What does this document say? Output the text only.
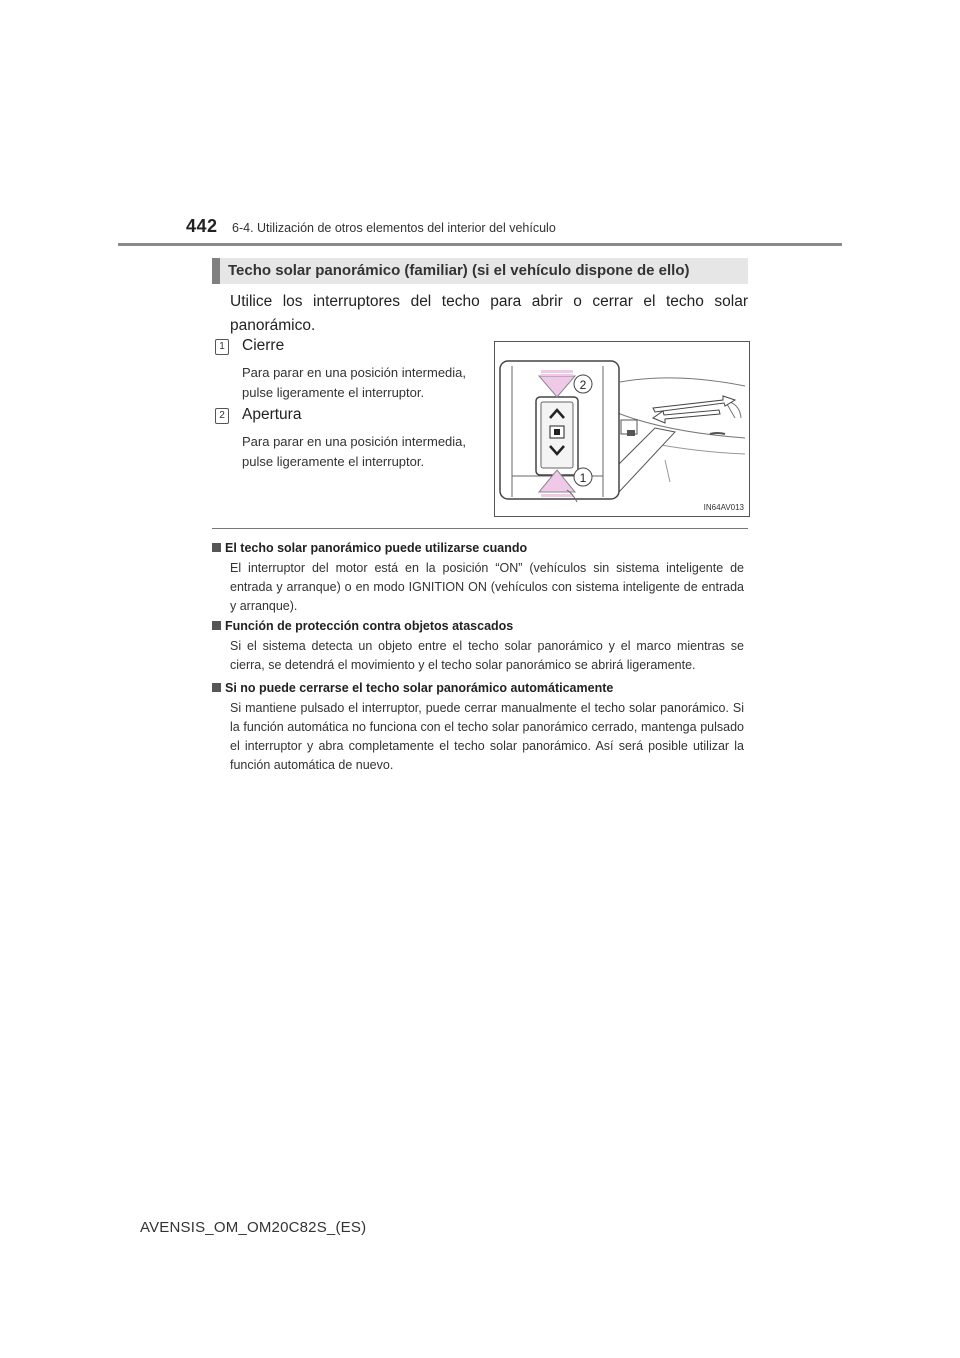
442 6-4. Utilización de otros elementos del interior del vehículo
Techo solar panorámico (familiar) (si el vehículo dispone de ello)
Utilice los interruptores del techo para abrir o cerrar el techo solar panorámico.
1 Cierre
Para parar en una posición intermedia, pulse ligeramente el interruptor.
2 Apertura
Para parar en una posición intermedia, pulse ligeramente el interruptor.
2
1
IN64AV013
El techo solar panorámico puede utilizarse cuando
El interruptor del motor está en la posición “ON” (vehículos sin sistema inteligente de entrada y arranque) o en modo IGNITION ON (vehículos con sistema inteligente de entrada y arranque).
Función de protección contra objetos atascados
Si el sistema detecta un objeto entre el techo solar panorámico y el marco mientras se cierra, se detendrá el movimiento y el techo solar panorámico se abrirá ligeramente.
Si no puede cerrarse el techo solar panorámico automáticamente
Si mantiene pulsado el interruptor, puede cerrar manualmente el techo solar panorámico. Si la función automática no funciona con el techo solar panorámico cerrado, mantenga pulsado el interruptor y abra completamente el techo solar panorámico. Así será posible utilizar la función automática de nuevo.
AVENSIS_OM_OM20C82S_(ES)
